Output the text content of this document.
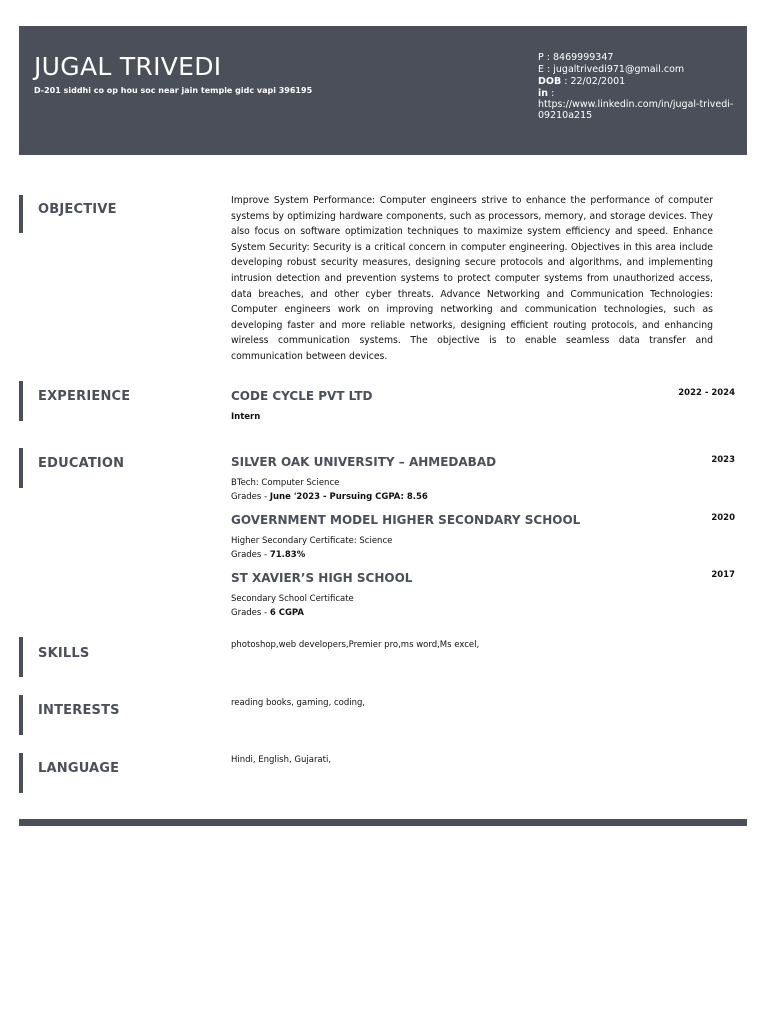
JUGAL TRIVEDI
D-201 siddhi co op hou soc near jain temple gidc vapi 396195
P : 8469999347
E : jugaltrivedi971@gmail.com
DOB : 22/02/2001
in :
https://www.linkedin.com/in/jugal-trivedi-09210a215
OBJECTIVE

Improve System Performance: Computer engineers strive to enhance the performance of computer systems by optimizing hardware components, such as processors, memory, and storage devices. They also focus on software optimization techniques to maximize system efficiency and speed. Enhance System Security: Security is a critical concern in computer engineering. Objectives in this area include developing robust security measures, designing secure protocols and algorithms, and implementing intrusion detection and prevention systems to protect computer systems from unauthorized access, data breaches, and other cyber threats. Advance Networking and Communication Technologies: Computer engineers work on improving networking and communication technologies, such as developing faster and more reliable networks, designing efficient routing protocols, and enhancing wireless communication systems. The objective is to enable seamless data transfer and communication between devices.

EXPERIENCE	CODE CYCLE PVT LTD	2022 - 2024
Intern
EDUCATION	SILVER OAK UNIVERSITY – AHMEDABAD	2023
BTech: Computer Science
Grades - June '2023 - Pursuing CGPA: 8.56
GOVERNMENT MODEL HIGHER SECONDARY SCHOOL	2020
Higher Secondary Certificate: Science
Grades - 71.83%
ST XAVIER’S HIGH SCHOOL	2017
Secondary School Certificate
Grades - 6 CGPA
SKILLS
photoshop,web developers,Premier pro,ms word,Ms excel,
INTERESTS	reading books, gaming, coding,
LANGUAGE
Hindi, English, Gujarati,
